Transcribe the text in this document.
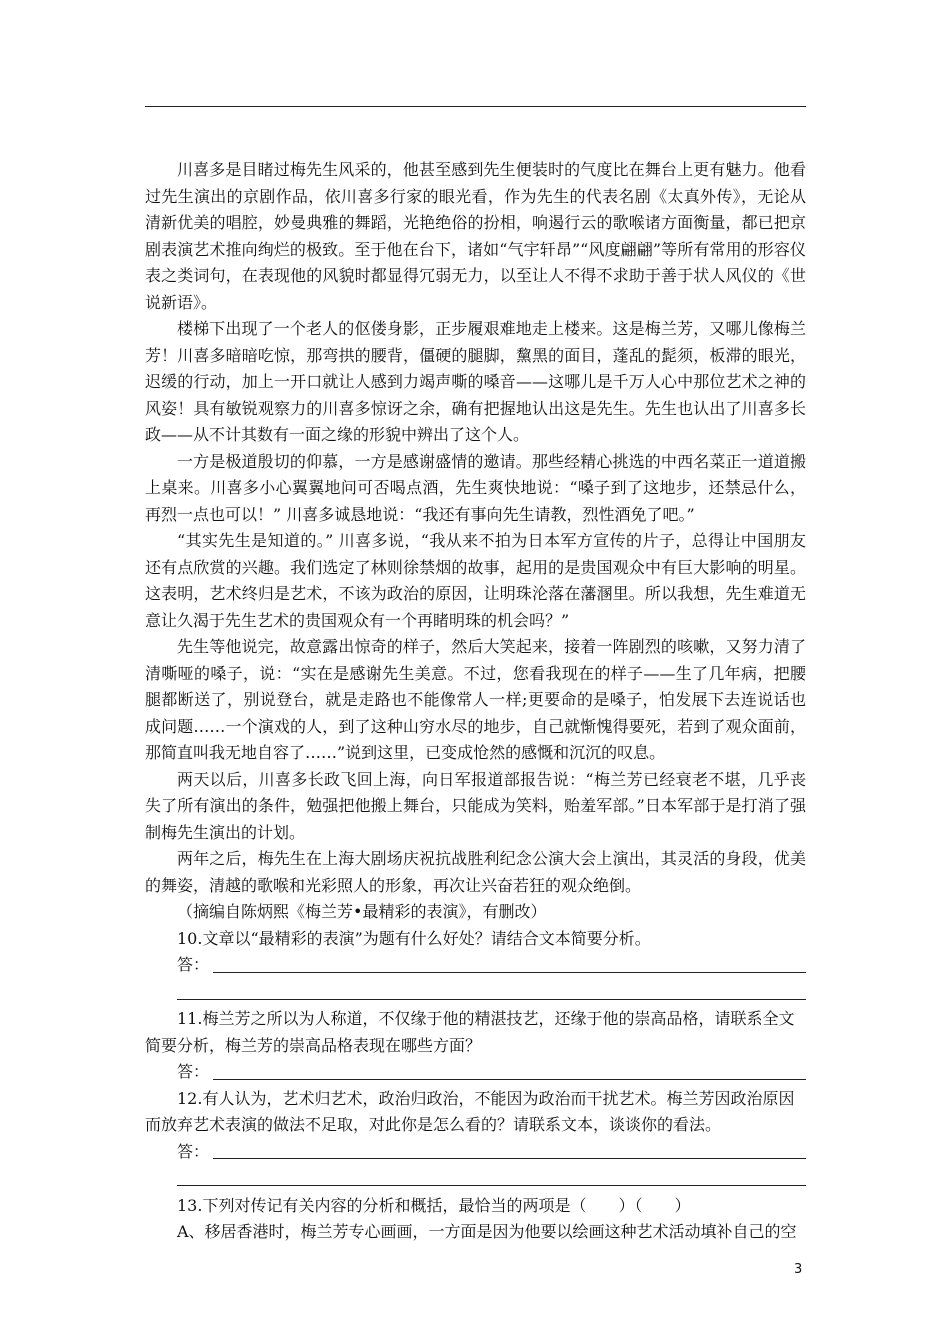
川喜多是目睹过梅先生风采的，他甚至感到先生便装时的气度比在舞台上更有魅力。他看过先生演出的京剧作品，依川喜多行家的眼光看，作为先生的代表名剧《太真外传》，无论从清新优美的唱腔，妙曼典雅的舞蹈，光艳绝俗的扮相，响遏行云的歌喉诸方面衡量，都已把京剧表演艺术推向绚烂的极致。至于他在台下，诸如“气宇轩昂”“风度翩翩”等所有常用的形容仪表之类词句，在表现他的风貌时都显得冗弱无力，以至让人不得不求助于善于状人风仪的《世说新语》。

楼梯下出现了一个老人的伛偻身影，正步履艰难地走上楼来。这是梅兰芳，又哪儿像梅兰芳！川喜多暗暗吃惊，那弯拱的腰背，僵硬的腿脚，黧黑的面目，蓬乱的髭须，板滞的眼光，迟缓的行动，加上一开口就让人感到力竭声嘶的嗓音——这哪儿是千万人心中那位艺术之神的风姿！具有敏锐观察力的川喜多惊讶之余，确有把握地认出这是先生。先生也认出了川喜多长政——从不计其数有一面之缘的形貌中辨出了这个人。

一方是极道殷切的仰慕，一方是感谢盛情的邀请。那些经精心挑选的中西名菜正一道道搬上桌来。川喜多小心翼翼地问可否喝点酒，先生爽快地说：“嗓子到了这地步，还禁忌什么，再烈一点也可以！” 川喜多诚恳地说：“我还有事向先生请教，烈性酒免了吧。”

“其实先生是知道的。” 川喜多说，“我从来不拍为日本军方宣传的片子，总得让中国朋友还有点欣赏的兴趣。我们选定了林则徐禁烟的故事，起用的是贵国观众中有巨大影响的明星。这表明，艺术终归是艺术，不该为政治的原因，让明珠沦落在藩溷里。所以我想，先生难道无意让久渴于先生艺术的贵国观众有一个再睹明珠的机会吗？”

先生等他说完，故意露出惊奇的样子，然后大笑起来，接着一阵剧烈的咳嗽，又努力清了清嘶哑的嗓子，说：“实在是感谢先生美意。不过，您看我现在的样子——生了几年病，把腰腿都断送了，别说登台，就是走路也不能像常人一样;更要命的是嗓子，怕发展下去连说话也成问题……一个演戏的人，到了这种山穷水尽的地步，自己就惭愧得要死，若到了观众面前，那简直叫我无地自容了……”说到这里，已变成怆然的感慨和沉沉的叹息。

两天以后，川喜多长政飞回上海，向日军报道部报告说：“梅兰芳已经衰老不堪，几乎丧失了所有演出的条件，勉强把他搬上舞台，只能成为笑料，贻羞军部。”日本军部于是打消了强制梅先生演出的计划。

两年之后，梅先生在上海大剧场庆祝抗战胜利纪念公演大会上演出，其灵活的身段，优美的舞姿，清越的歌喉和光彩照人的形象，再次让兴奋若狂的观众绝倒。

（摘编自陈炳熙《梅兰芳•最精彩的表演》，有删改）

10.文章以“最精彩的表演”为题有什么好处？请结合文本简要分析。

答：

11.梅兰芳之所以为人称道，不仅缘于他的精湛技艺，还缘于他的崇高品格，请联系全文简要分析，梅兰芳的崇高品格表现在哪些方面？

答：

12.有人认为，艺术归艺术，政治归政治，不能因为政治而干扰艺术。梅兰芳因政治原因而放弃艺术表演的做法不足取，对此你是怎么看的？请联系文本，谈谈你的看法。

答：

13.下列对传记有关内容的分析和概括，最恰当的两项是（　　）（　　）

A、移居香港时，梅兰芳专心画画，一方面是因为他要以绘画这种艺术活动填补自己的空

3
